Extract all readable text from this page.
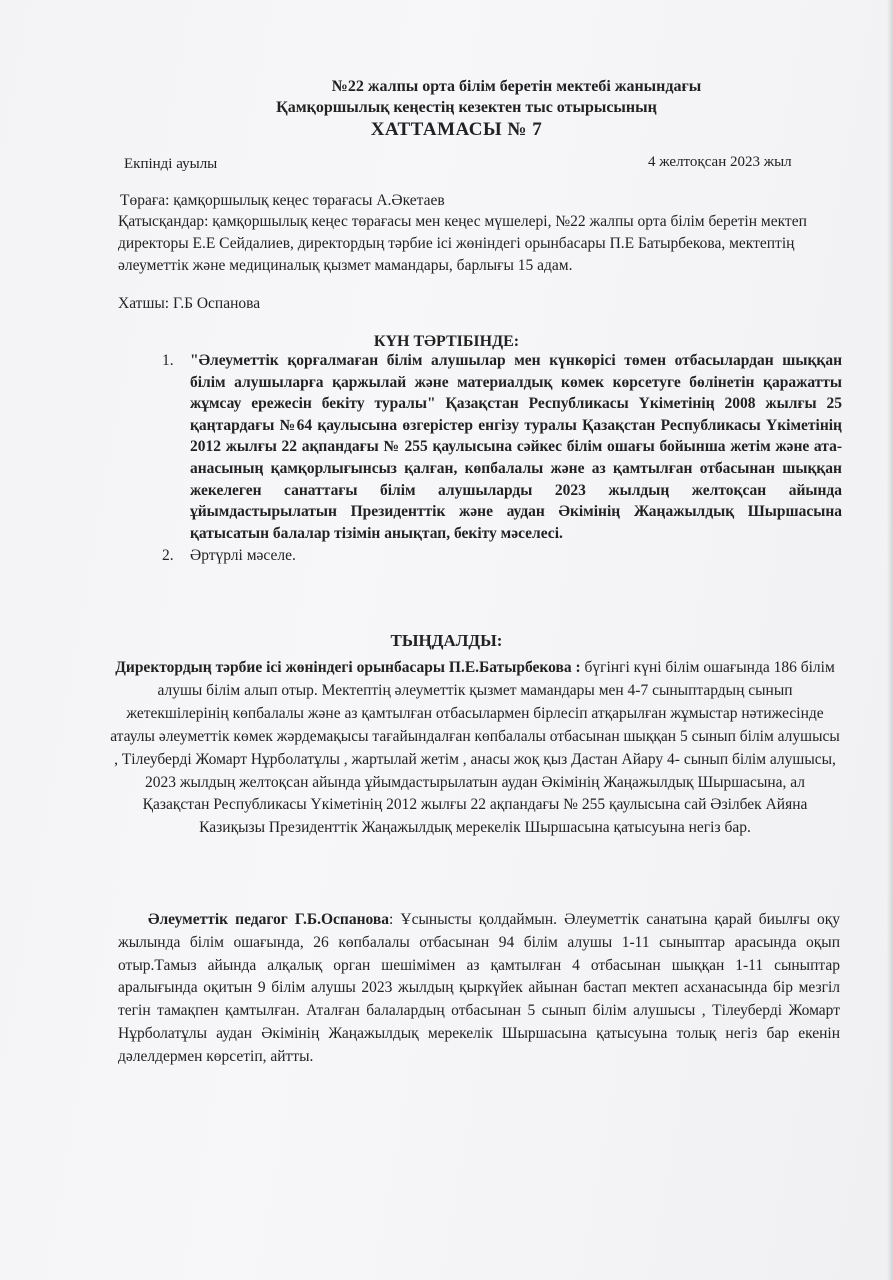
№22 жалпы орта білім беретін мектебі жанындағы
Қамқоршылық кеңестің кезектен тыс отырысының
ХАТТАМАСЫ № 7
Екпінді ауылы	4 желтоқсан 2023 жыл
Төраға: қамқоршылық кеңес төрағасы А.Әкетаев
Қатысқандар: қамқоршылық кеңес төрағасы мен кеңес мүшелері, №22 жалпы орта білім беретін мектеп директоры Е.Е Сейдалиев, директордың тәрбие ісі жөніндегі орынбасары П.Е Батырбекова, мектептің әлеуметтік және медициналық қызмет мамандары, барлығы 15 адам.
Хатшы: Г.Б Оспанова
КҮН ТӘРТІБІНДЕ:
1. "Әлеуметтік қорғалмаған білім алушылар мен күнкөрісі төмен отбасылардан шыққан білім алушыларға қаржылай және материалдық көмек көрсетуге бөлінетін қаражатты жұмсау ережесін бекіту туралы" Қазақстан Республикасы Үкіметінің 2008 жылғы 25 қаңтардағы №64 қаулысына өзгерістер енгізу туралы Қазақстан Республикасы Үкіметінің 2012 жылғы 22 ақпандағы № 255 қаулысына сәйкес білім ошағы бойынша жетім және ата-анасының қамқорлығынсыз қалған, көпбалалы және аз қамтылған отбасынан шыққан жекелеген санаттағы білім алушыларды 2023 жылдың желтоқсан айында ұйымдастырылатын Президенттік және аудан Әкімінің Жаңажылдық Шыршасына қатысатын балалар тізімін анықтап, бекіту мәселесі.
2. Әртүрлі мәселе.
ТЫҢДАЛДЫ:
Директордың тәрбие ісі жөніндегі орынбасары П.Е.Батырбекова : бүгінгі күні білім ошағында 186 білім алушы білім алып отыр. Мектептің әлеуметтік қызмет мамандары мен 4-7 сыныптардың сынып жетекшілерінің көпбалалы және аз қамтылған отбасылармен бірлесіп атқарылған жұмыстар нәтижесінде атаулы әлеуметтік көмек жәрдемақысы тағайындалған көпбалалы отбасынан шыққан 5 сынып білім алушысы , Тілеуберді Жомарт Нұрболатұлы , жартылай жетім , анасы жоқ қыз Дастан Айару 4- сынып білім алушысы, 2023 жылдың желтоқсан айында ұйымдастырылатын аудан Әкімінің Жаңажылдық Шыршасына, ал Қазақстан Республикасы Үкіметінің 2012 жылғы 22 ақпандағы № 255 қаулысына сай Әзілбек Айяна Казиқызы Президенттік Жаңажылдық мерекелік Шыршасына қатысуына негіз бар.
Әлеуметтік педагог Г.Б.Оспанова: Ұсынысты қолдаймын. Әлеуметтік санатына қарай биылғы оқу жылында білім ошағында, 26 көпбалалы отбасынан 94 білім алушы 1-11 сыныптар арасында оқып отыр.Тамыз айында алқалық орган шешімімен аз қамтылған 4 отбасынан шыққан 1-11 сыныптар аралығында оқитын 9 білім алушы 2023 жылдың қыркүйек айынан бастап мектеп асханасында бір мезгіл тегін тамақпен қамтылған. Аталған балалардың отбасынан 5 сынып білім алушысы , Тілеуберді Жомарт Нұрболатұлы аудан Әкімінің Жаңажылдық мерекелік Шыршасына қатысуына толық негіз бар екенін дәлелдермен көрсетіп, айтты.
